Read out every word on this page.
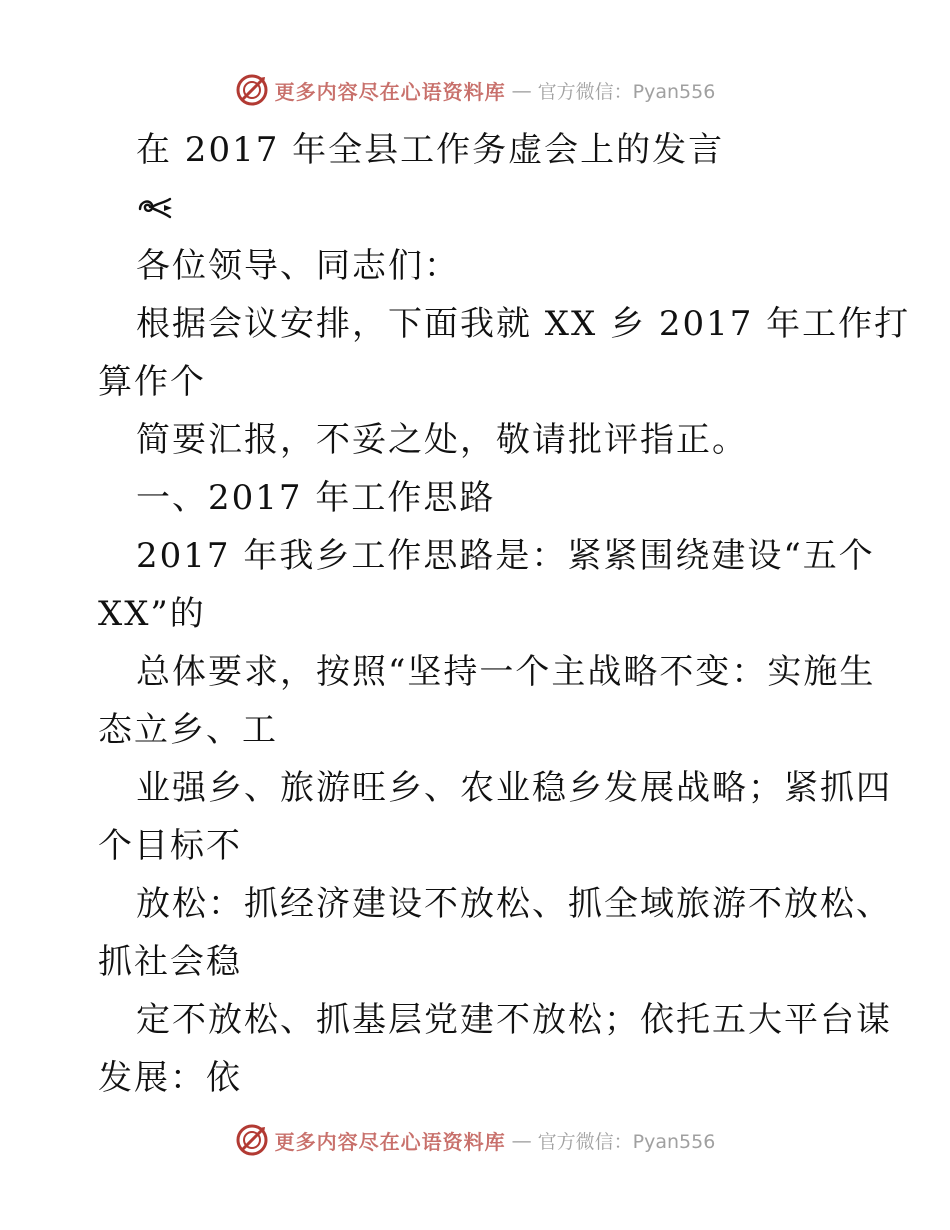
更多内容尽在心语资料库 — 官方微信：Pyan556
在 2017 年全县工作务虚会上的发言
各位领导、同志们：
根据会议安排，下面我就 XX 乡 2017 年工作打
算作个
简要汇报，不妥之处，敬请批评指正。
一、2017 年工作思路
2017 年我乡工作思路是：紧紧围绕建设“五个
XX”的
总体要求，按照“坚持一个主战略不变：实施生
态立乡、工
业强乡、旅游旺乡、农业稳乡发展战略；紧抓四
个目标不
放松：抓经济建设不放松、抓全域旅游不放松、
抓社会稳
定不放松、抓基层党建不放松；依托五大平台谋
发展：依
更多内容尽在心语资料库 — 官方微信：Pyan556
